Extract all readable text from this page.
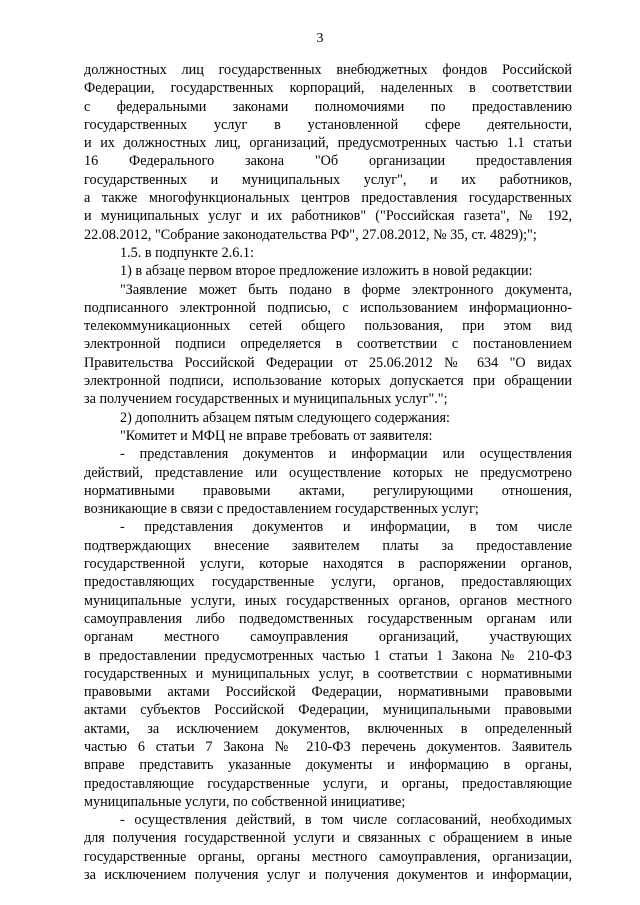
3
должностных лиц государственных внебюджетных фондов Российской
Федерации, государственных корпораций, наделенных в соответствии
с федеральными законами полномочиями по предоставлению
государственных услуг в установленной сфере деятельности,
и их должностных лиц, организаций, предусмотренных частью 1.1 статьи
16 Федерального закона "Об организации предоставления
государственных и муниципальных услуг", и их работников,
а также многофункциональных центров предоставления государственных
и муниципальных услуг и их работников" ("Российская газета", № 192,
22.08.2012, "Собрание законодательства РФ", 27.08.2012, № 35, ст. 4829);";
1.5. в подпункте 2.6.1:
1) в абзаце первом второе предложение изложить в новой редакции:
"Заявление может быть подано в форме электронного документа,
подписанного электронной подписью, с использованием информационно-
телекоммуникационных сетей общего пользования, при этом вид
электронной подписи определяется в соответствии с постановлением
Правительства Российской Федерации от 25.06.2012 № 634 "О видах
электронной подписи, использование которых допускается при обращении
за получением государственных и муниципальных услуг".";
2) дополнить абзацем пятым следующего содержания:
"Комитет и МФЦ не вправе требовать от заявителя:
- представления документов и информации или осуществления
действий, представление или осуществление которых не предусмотрено
нормативными правовыми актами, регулирующими отношения,
возникающие в связи с предоставлением государственных услуг;
- представления документов и информации, в том числе
подтверждающих внесение заявителем платы за предоставление
государственной услуги, которые находятся в распоряжении органов,
предоставляющих государственные услуги, органов, предоставляющих
муниципальные услуги, иных государственных органов, органов местного
самоуправления либо подведомственных государственным органам или
органам местного самоуправления организаций, участвующих
в предоставлении предусмотренных частью 1 статьи 1 Закона № 210-ФЗ
государственных и муниципальных услуг, в соответствии с нормативными
правовыми актами Российской Федерации, нормативными правовыми
актами субъектов Российской Федерации, муниципальными правовыми
актами, за исключением документов, включенных в определенный
частью 6 статьи 7 Закона № 210-ФЗ перечень документов. Заявитель
вправе представить указанные документы и информацию в органы,
предоставляющие государственные услуги, и органы, предоставляющие
муниципальные услуги, по собственной инициативе;
- осуществления действий, в том числе согласований, необходимых
для получения государственной услуги и связанных с обращением в иные
государственные органы, органы местного самоуправления, организации,
за исключением получения услуг и получения документов и информации,
